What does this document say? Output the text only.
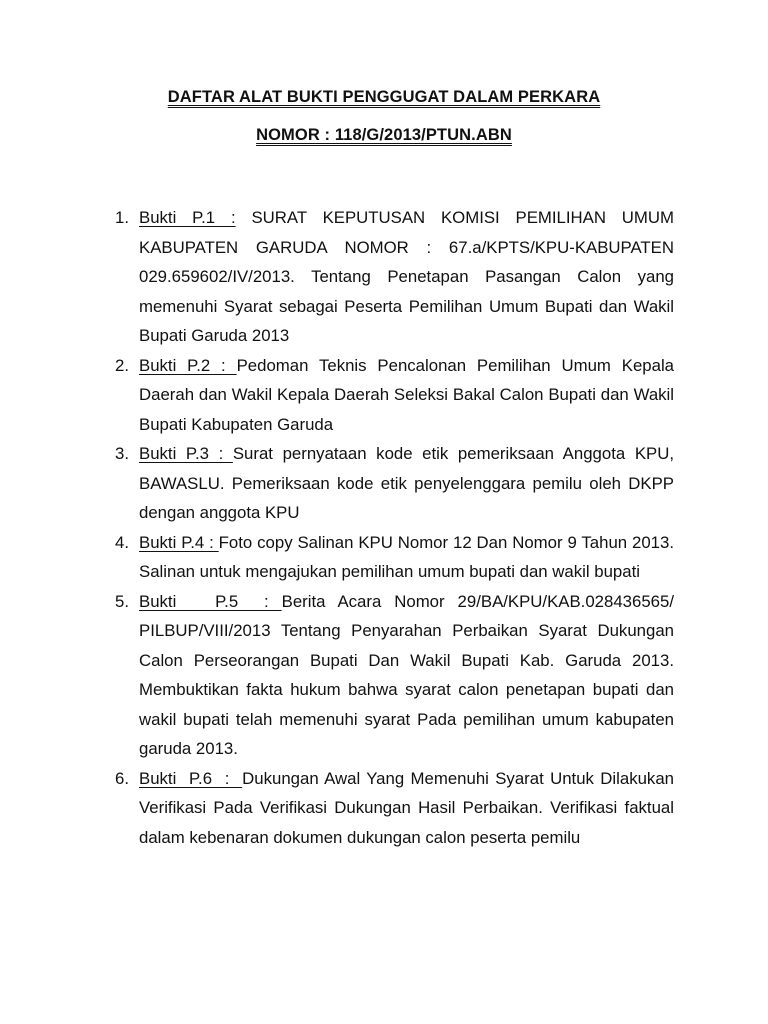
DAFTAR ALAT BUKTI PENGGUGAT DALAM PERKARA
NOMOR : 118/G/2013/PTUN.ABN
1. Bukti P.1 : SURAT KEPUTUSAN KOMISI PEMILIHAN UMUM KABUPATEN GARUDA NOMOR : 67.a/KPTS/KPU-KABUPATEN 029.659602/IV/2013. Tentang Penetapan Pasangan Calon yang memenuhi Syarat sebagai Peserta Pemilihan Umum Bupati dan Wakil Bupati Garuda 2013
2. Bukti P.2 : Pedoman Teknis Pencalonan Pemilihan Umum Kepala Daerah dan Wakil Kepala Daerah Seleksi Bakal Calon Bupati dan Wakil Bupati Kabupaten Garuda
3. Bukti P.3 : Surat pernyataan kode etik pemeriksaan Anggota KPU, BAWASLU. Pemeriksaan kode etik penyelenggara pemilu oleh DKPP dengan anggota KPU
4. Bukti P.4 : Foto copy Salinan KPU Nomor 12 Dan Nomor 9 Tahun 2013. Salinan untuk mengajukan pemilihan umum bupati dan wakil bupati
5. Bukti   P.5  : Berita Acara Nomor 29/BA/KPU/KAB.028436565/ PILBUP/VIII/2013 Tentang Penyarahan Perbaikan Syarat Dukungan Calon Perseorangan Bupati Dan Wakil Bupati Kab. Garuda 2013. Membuktikan fakta hukum bahwa syarat calon penetapan bupati dan wakil bupati telah memenuhi syarat Pada pemilihan umum kabupaten garuda 2013.
6. Bukti  P.6  :  Dukungan Awal Yang Memenuhi Syarat Untuk Dilakukan Verifikasi Pada Verifikasi Dukungan Hasil Perbaikan. Verifikasi faktual dalam kebenaran dokumen dukungan calon peserta pemilu
